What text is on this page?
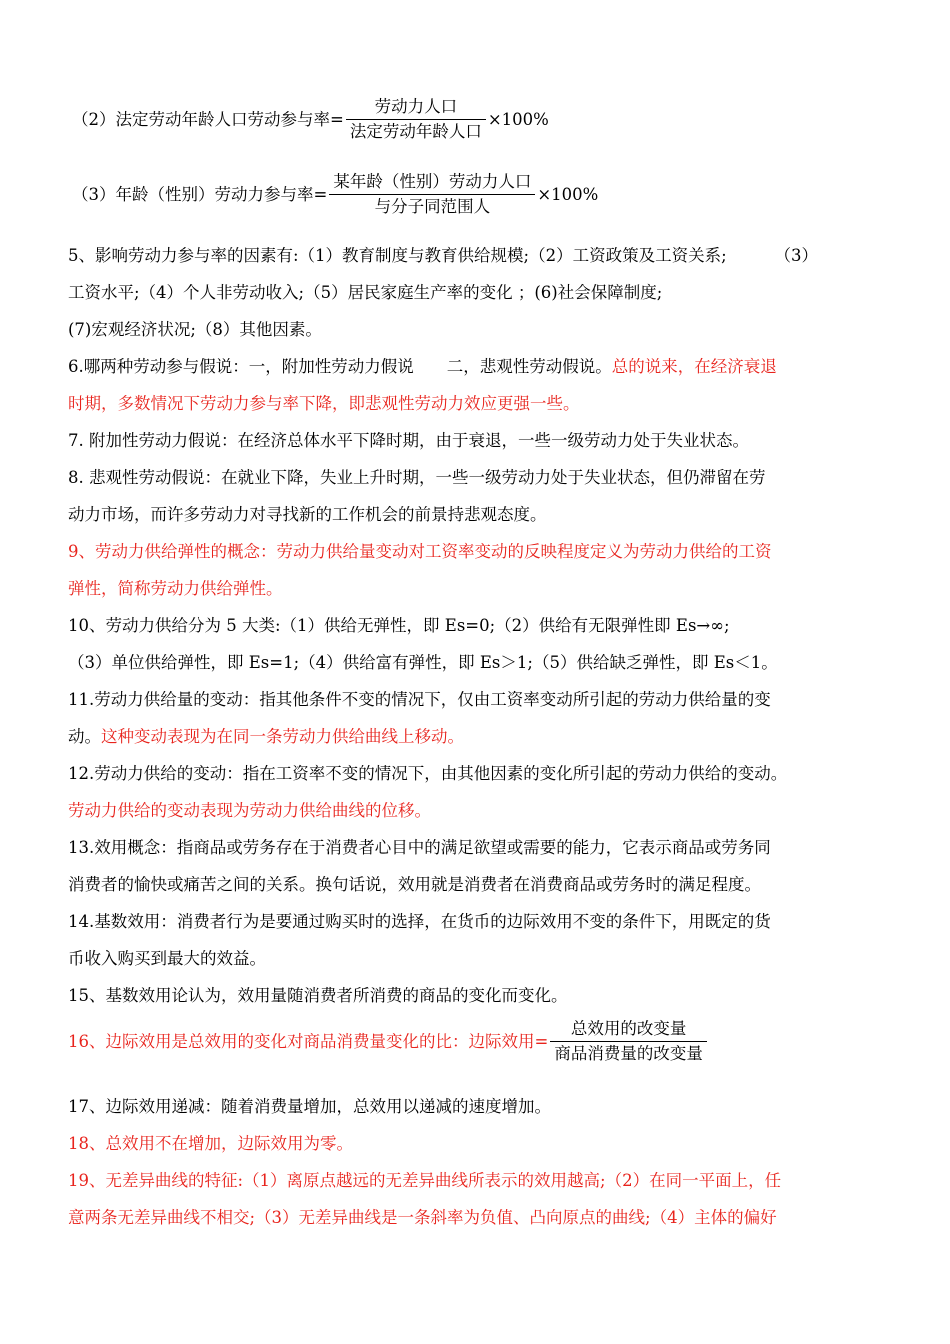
（2）法定劳动年龄人口劳动参与率= $\frac{\text{劳动力人口}}{\text{法定劳动年龄人口}} \times 100\%$
（3）年龄（性别）劳动力参与率= $\frac{\text{某年龄（性别）劳动力人口}}{\text{与分子同范围人}} \times 100\%$
5、影响劳动力参与率的因素有:（1）教育制度与教育供给规模;（2）工资政策及工资关系;	（3）
工资水平;（4）个人非劳动收入;（5）居民家庭生产率的变化 ；(6)社会保障制度;
(7)宏观经济状况;（8）其他因素。
6.哪两种劳动参与假说：一，附加性劳动力假说　　二，悲观性劳动假说。总的说来，在经济衰退
时期，多数情况下劳动力参与率下降，即悲观性劳动力效应更强一些。
7. 附加性劳动力假说：在经济总体水平下降时期，由于衰退，一些一级劳动力处于失业状态。
8. 悲观性劳动假说：在就业下降，失业上升时期，一些一级劳动力处于失业状态，但仍滞留在劳
动力市场，而许多劳动力对寻找新的工作机会的前景持悲观态度。
9、劳动力供给弹性的概念：劳动力供给量变动对工资率变动的反映程度定义为劳动力供给的工资
弹性，简称劳动力供给弹性。
10、劳动力供给分为 5 大类:（1）供给无弹性，即 Es=0;（2）供给有无限弹性即 Es→∞;
（3）单位供给弹性，即 Es=1;（4）供给富有弹性，即 Es＞1;（5）供给缺乏弹性，即 Es＜1。
11.劳动力供给量的变动：指其他条件不变的情况下，仅由工资率变动所引起的劳动力供给量的变
动。这种变动表现为在同一条劳动力供给曲线上移动。
12.劳动力供给的变动：指在工资率不变的情况下，由其他因素的变化所引起的劳动力供给的变动。
劳动力供给的变动表现为劳动力供给曲线的位移。
13.效用概念：指商品或劳务存在于消费者心目中的满足欲望或需要的能力，它表示商品或劳务同
消费者的愉快或痛苦之间的关系。换句话说，效用就是消费者在消费商品或劳务时的满足程度。
14.基数效用：消费者行为是要通过购买时的选择，在货币的边际效用不变的条件下，用既定的货
币收入购买到最大的效益。
15、基数效用论认为，效用量随消费者所消费的商品的变化而变化。
16、边际效用是总效用的变化对商品消费量变化的比：边际效用= $\frac{\text{总效用的改变量}}{\text{商品消费量的改变量}}$
17、边际效用递减：随着消费量增加，总效用以递减的速度增加。
18、总效用不在增加，边际效用为零。
19、无差异曲线的特征:（1）离原点越远的无差异曲线所表示的效用越高;（2）在同一平面上，任
意两条无差异曲线不相交;（3）无差异曲线是一条斜率为负值、凸向原点的曲线;（4）主体的偏好
